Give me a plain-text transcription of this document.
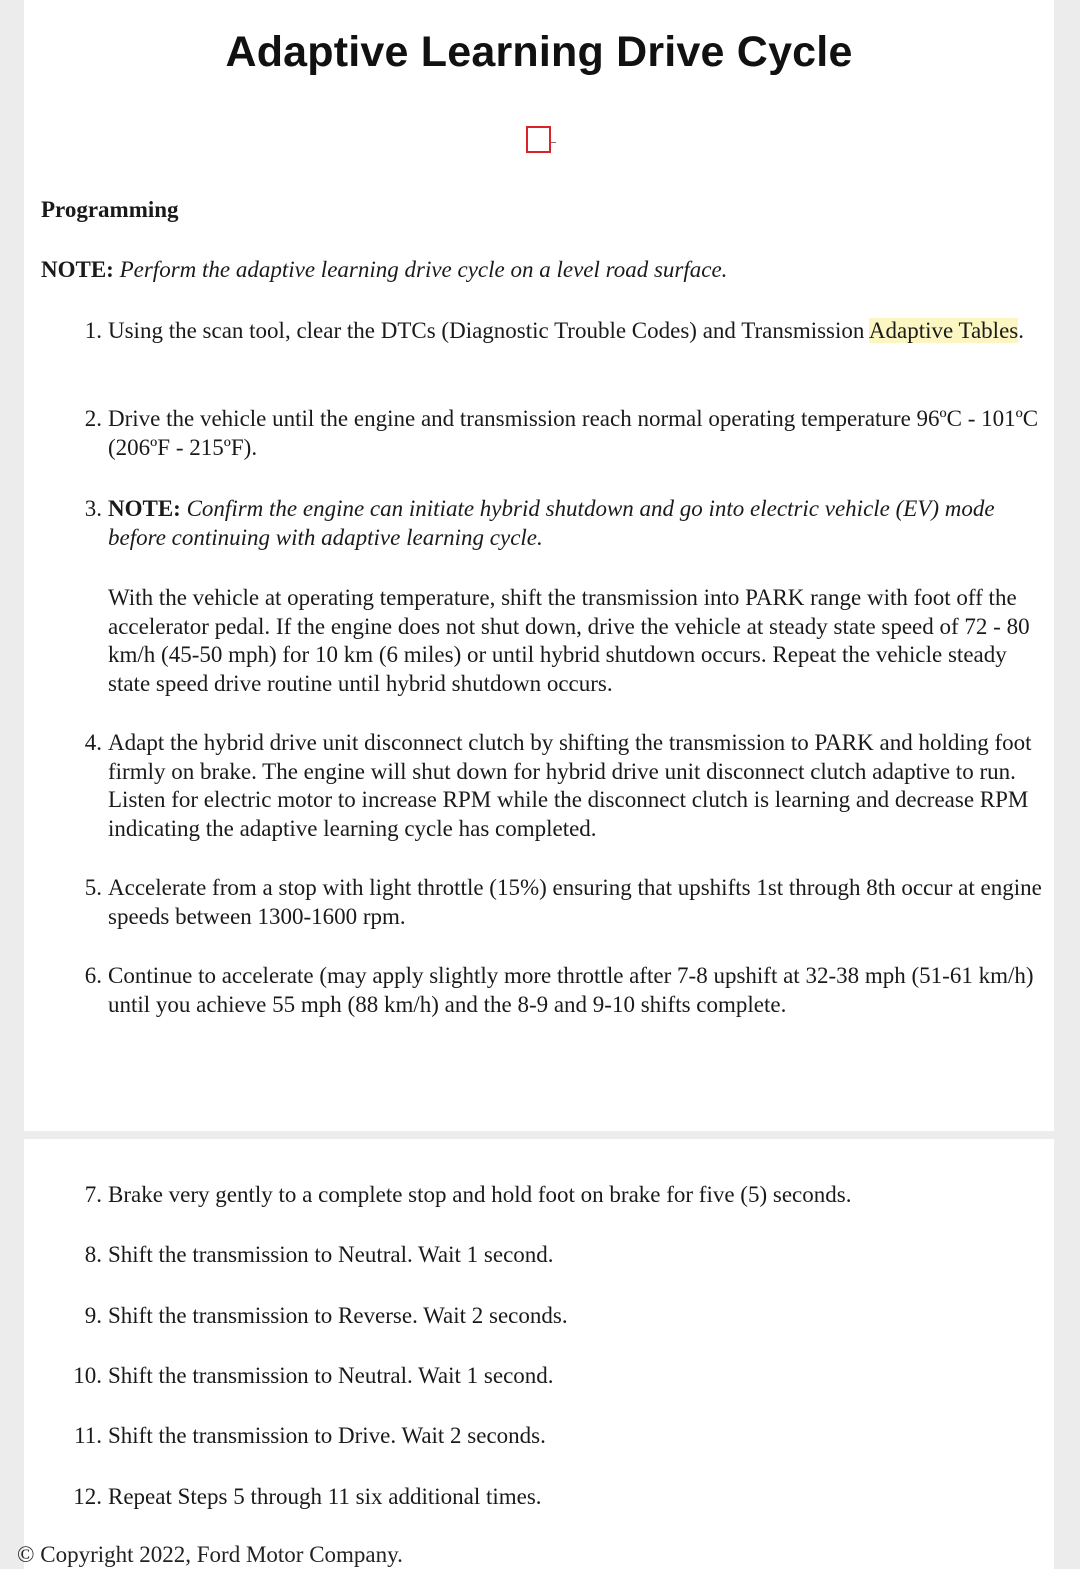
Adaptive Learning Drive Cycle
Programming
NOTE: Perform the adaptive learning drive cycle on a level road surface.
1. Using the scan tool, clear the DTCs (Diagnostic Trouble Codes) and Transmission Adaptive Tables.
2. Drive the vehicle until the engine and transmission reach normal operating temperature 96ºC - 101ºC (206ºF - 215ºF).
3. NOTE: Confirm the engine can initiate hybrid shutdown and go into electric vehicle (EV) mode before continuing with adaptive learning cycle.
With the vehicle at operating temperature, shift the transmission into PARK range with foot off the accelerator pedal. If the engine does not shut down, drive the vehicle at steady state speed of 72 - 80 km/h (45-50 mph) for 10 km (6 miles) or until hybrid shutdown occurs. Repeat the vehicle steady state speed drive routine until hybrid shutdown occurs.
4. Adapt the hybrid drive unit disconnect clutch by shifting the transmission to PARK and holding foot firmly on brake. The engine will shut down for hybrid drive unit disconnect clutch adaptive to run. Listen for electric motor to increase RPM while the disconnect clutch is learning and decrease RPM indicating the adaptive learning cycle has completed.
5. Accelerate from a stop with light throttle (15%) ensuring that upshifts 1st through 8th occur at engine speeds between 1300-1600 rpm.
6. Continue to accelerate (may apply slightly more throttle after 7-8 upshift at 32-38 mph (51-61 km/h) until you achieve 55 mph (88 km/h) and the 8-9 and 9-10 shifts complete.
7. Brake very gently to a complete stop and hold foot on brake for five (5) seconds.
8. Shift the transmission to Neutral. Wait 1 second.
9. Shift the transmission to Reverse. Wait 2 seconds.
10. Shift the transmission to Neutral. Wait 1 second.
11. Shift the transmission to Drive. Wait 2 seconds.
12. Repeat Steps 5 through 11 six additional times.
© Copyright 2022, Ford Motor Company.
